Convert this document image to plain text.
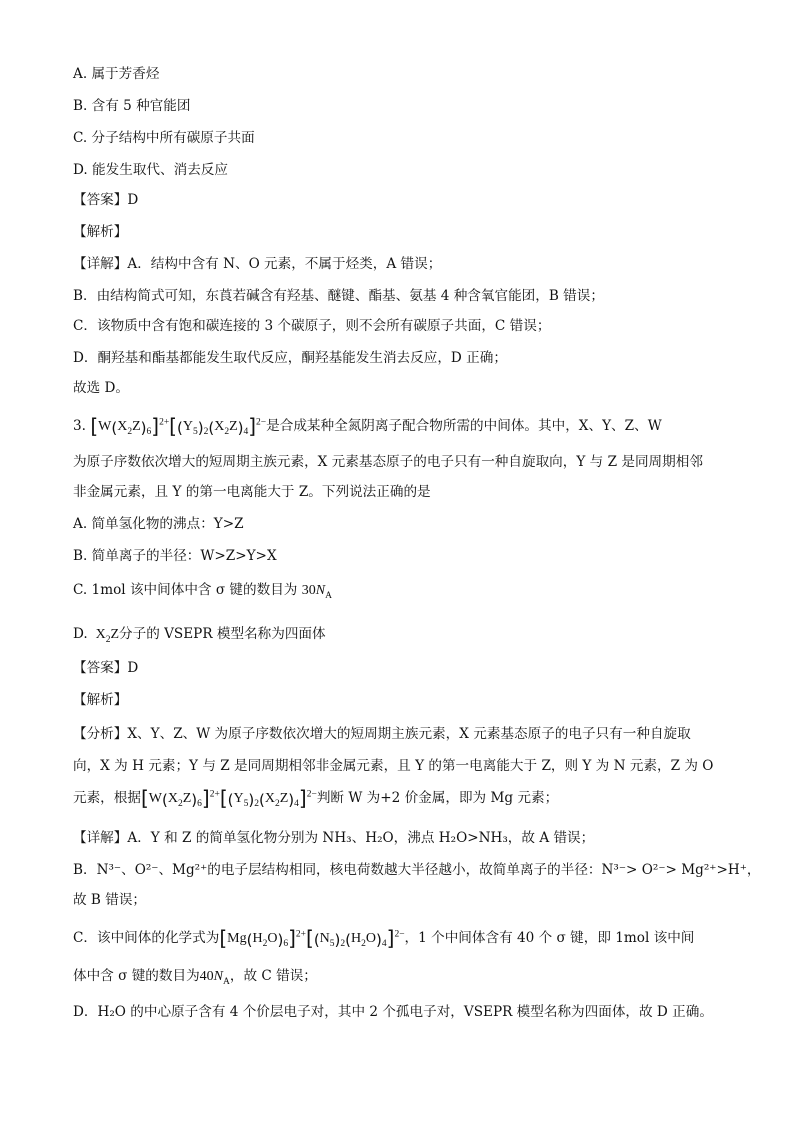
A. 属于芳香烃
B. 含有 5 种官能团
C. 分子结构中所有碳原子共面
D. 能发生取代、消去反应
【答案】D
【解析】
【详解】A．结构中含有 N、O 元素，不属于烃类，A 错误；
B．由结构简式可知，东莨若碱含有羟基、醚键、酯基、氨基 4 种含氧官能团，B 错误；
C．该物质中含有饱和碳连接的 3 个碳原子，则不会所有碳原子共面，C 错误；
D．酮羟基和酯基都能发生取代反应，酮羟基能发生消去反应，D 正确；
故选 D。
3. $[W(X_2Z)_6]^{2+}[(Y_5)_2(X_2Z)_4]^{2-}$是合成某种全氮阴离子配合物所需的中间体。其中，X、Y、Z、W
为原子序数依次增大的短周期主族元素，X 元素基态原子的电子只有一种自旋取向，Y 与 Z 是同周期相邻
非金属元素，且 Y 的第一电离能大于 Z。下列说法正确的是
A. 简单氢化物的沸点：Y>Z
B. 简单离子的半径：W>Z>Y>X
C. 1mol 该中间体中含 σ 键的数目为 $30N_A$
D.  $X_2Z$分子的 VSEPR 模型名称为四面体
【答案】D
【解析】
【分析】X、Y、Z、W 为原子序数依次增大的短周期主族元素，X 元素基态原子的电子只有一种自旋取
向，X 为 H 元素；Y 与 Z 是同周期相邻非金属元素，且 Y 的第一电离能大于 Z，则 Y 为 N 元素，Z 为 O
元素，根据$[W(X_2Z)_6]^{2+}[(Y_5)_2(X_2Z)_4]^{2-}$判断 W 为+2 价金属，即为 Mg 元素；
【详解】A．Y 和 Z 的简单氢化物分别为 NH₃、H₂O，沸点 H₂O>NH₃，故 A 错误；
B．N³⁻、O²⁻、Mg²⁺的电子层结构相同，核电荷数越大半径越小，故简单离子的半径：N³⁻> O²⁻> Mg²⁺>H⁺，
故 B 错误；
C．该中间体的化学式为$[Mg(H_2O)_6]^{2+}[(N_5)_2(H_2O)_4]^{2-}$，1 个中间体含有 40 个 σ 键，即 1mol 该中间
体中含 σ 键的数目为$40N_A$，故 C 错误；
D．H₂O 的中心原子含有 4 个价层电子对，其中 2 个孤电子对，VSEPR 模型名称为四面体，故 D 正确。
